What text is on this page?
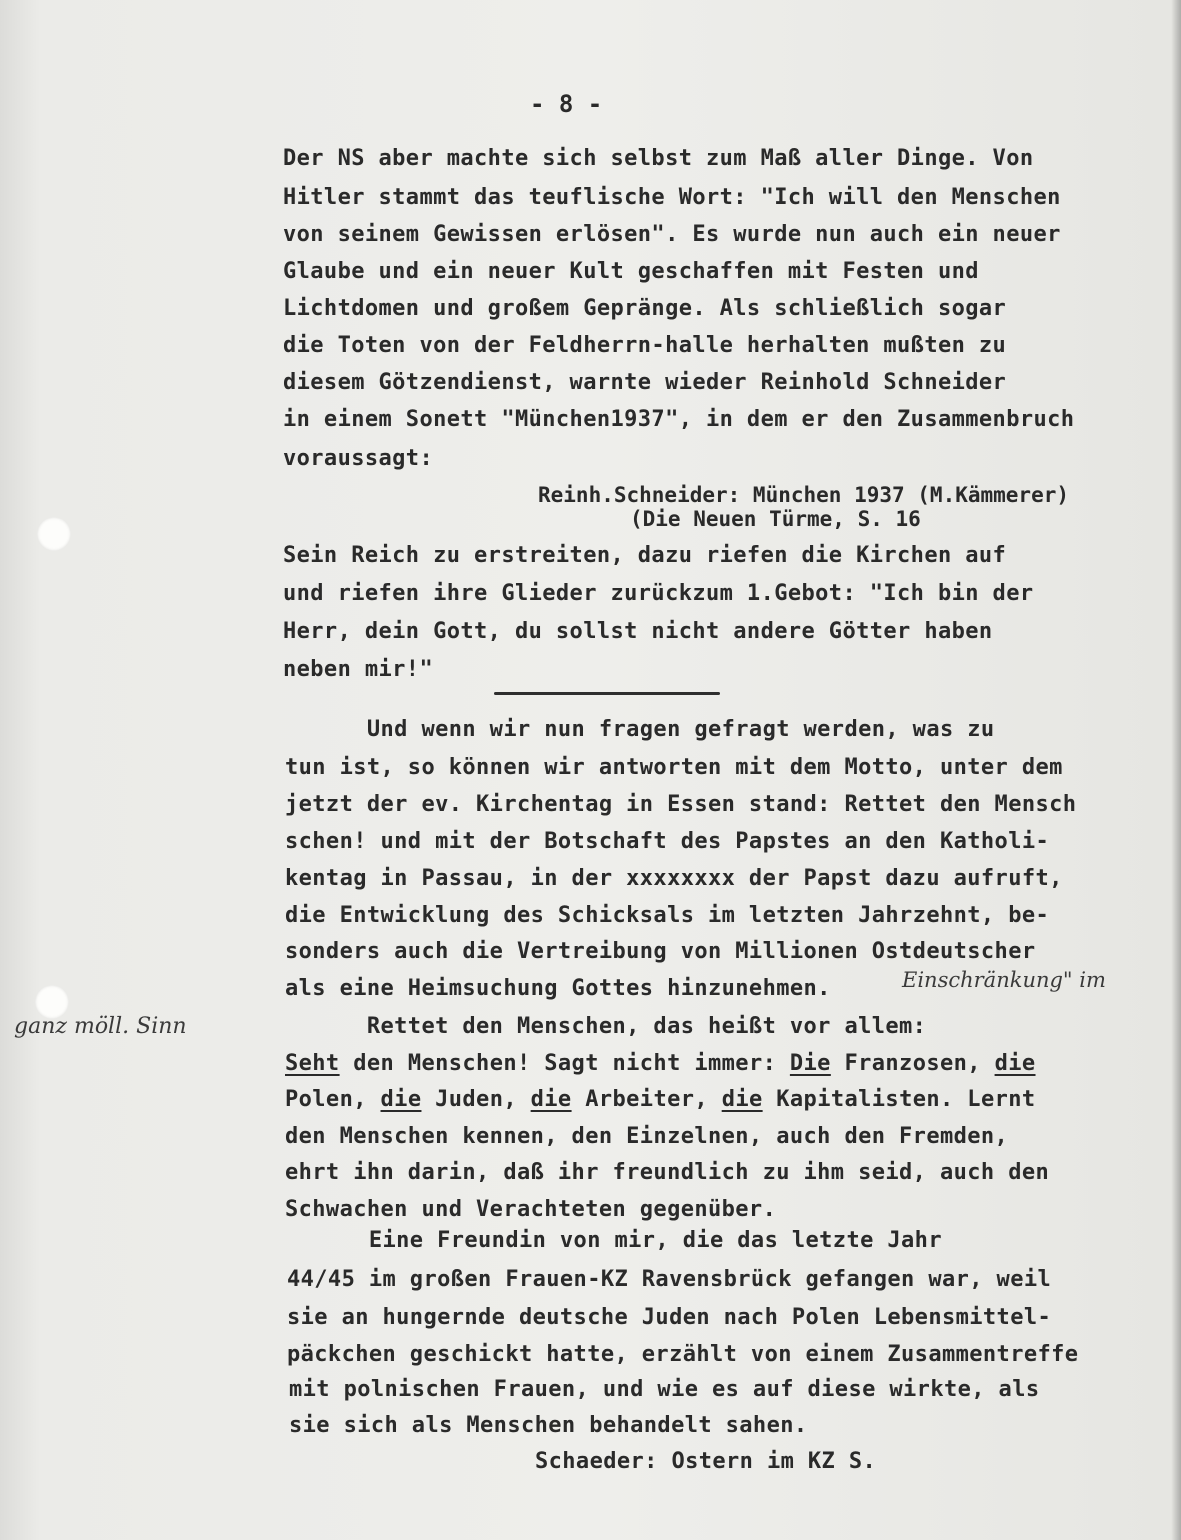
- 8 -
Der NS aber machte sich selbst zum Maß aller Dinge. Von
Hitler stammt das teuflische Wort: "Ich will den Menschen
von seinem Gewissen erlösen". Es wurde nun auch ein neuer
Glaube und ein neuer Kult geschaffen mit Festen und
Lichtdomen und großem Gepränge. Als schließlich sogar
die Toten von der Feldherrn-halle herhalten mußten zu
diesem Götzendienst, warnte wieder Reinhold Schneider
in einem Sonett "München1937", in dem er den Zusammenbruch
voraussagt:
Reinh.Schneider: München 1937 (M.Kämmerer)
(Die Neuen Türme, S. 16
Sein Reich zu erstreiten, dazu riefen die Kirchen auf
und riefen ihre Glieder zurückzum 1.Gebot: "Ich bin der
Herr, dein Gott, du sollst nicht andere Götter haben
neben mir!"
Und wenn wir nun fragen gefragt werden, was zu
tun ist, so können wir antworten mit dem Motto, unter dem
jetzt der ev. Kirchentag in Essen stand: Rettet den Mensch
schen! und mit der Botschaft des Papstes an den Katholi-
kentag in Passau, in der xxxxxxxx der Papst dazu aufruft,
die Entwicklung des Schicksals im letzten Jahrzehnt, be-
sonders auch die Vertreibung von Millionen Ostdeutscher
als eine Heimsuchung Gottes hinzunehmen.	Einschränkung" im
ganz möll. Sinn	Rettet den Menschen, das heißt vor allem:
Seht den Menschen! Sagt nicht immer: Die Franzosen, die
Polen, die Juden, die Arbeiter, die Kapitalisten. Lernt
den Menschen kennen, den Einzelnen, auch den Fremden,
ehrt ihn darin, daß ihr freundlich zu ihm seid, auch den
Schwachen und Verachteten gegenüber.
Eine Freundin von mir, die das letzte Jahr
44/45 im großen Frauen-KZ Ravensbrück gefangen war, weil
sie an hungernde deutsche Juden nach Polen Lebensmittel-
päckchen geschickt hatte, erzählt von einem Zusammentreffe
mit polnischen Frauen, und wie es auf diese wirkte, als
sie sich als Menschen behandelt sahen.
Schaeder: Ostern im KZ S.
